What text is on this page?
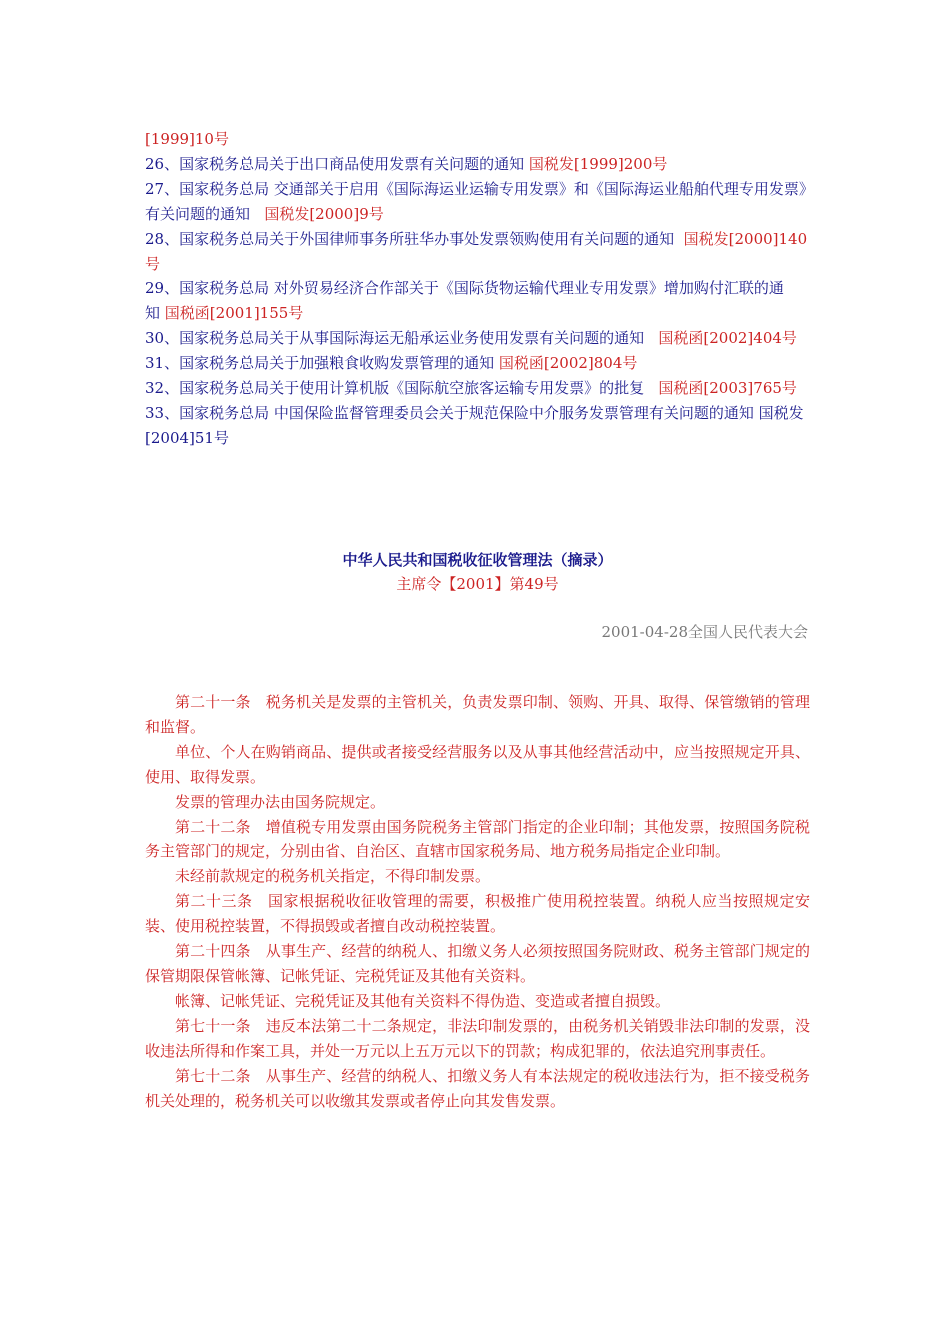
[1999]10号
26、国家税务总局关于出口商品使用发票有关问题的通知 国税发[1999]200号
27、国家税务总局 交通部关于启用《国际海运业运输专用发票》和《国际海运业船舶代理专用发票》有关问题的通知 国税发[2000]9号
28、国家税务总局关于外国律师事务所驻华办事处发票领购使用有关问题的通知 国税发[2000]140号
29、国家税务总局 对外贸易经济合作部关于《国际货物运输代理业专用发票》增加购付汇联的通知 国税函[2001]155号
30、国家税务总局关于从事国际海运无船承运业务使用发票有关问题的通知 国税函[2002]404号
31、国家税务总局关于加强粮食收购发票管理的通知 国税函[2002]804号
32、国家税务总局关于使用计算机版《国际航空旅客运输专用发票》的批复 国税函[2003]765号
33、国家税务总局 中国保险监督管理委员会关于规范保险中介服务发票管理有关问题的通知 国税发[2004]51号
中华人民共和国税收征收管理法（摘录）
主席令【2001】第49号
2001-04-28全国人民代表大会

第二十一条　税务机关是发票的主管机关，负责发票印制、领购、开具、取得、保管缴销的管理和监督。

单位、个人在购销商品、提供或者接受经营服务以及从事其他经营活动中，应当按照规定开具、使用、取得发票。

发票的管理办法由国务院规定。

第二十二条　增值税专用发票由国务院税务主管部门指定的企业印制；其他发票，按照国务院税务主管部门的规定，分别由省、自治区、直辖市国家税务局、地方税务局指定企业印制。

未经前款规定的税务机关指定，不得印制发票。

第二十三条　国家根据税收征收管理的需要，积极推广使用税控装置。纳税人应当按照规定安装、使用税控装置，不得损毁或者擅自改动税控装置。

第二十四条　从事生产、经营的纳税人、扣缴义务人必须按照国务院财政、税务主管部门规定的保管期限保管帐簿、记帐凭证、完税凭证及其他有关资料。

帐簿、记帐凭证、完税凭证及其他有关资料不得伪造、变造或者擅自损毁。

第七十一条　违反本法第二十二条规定，非法印制发票的，由税务机关销毁非法印制的发票，没收违法所得和作案工具，并处一万元以上五万元以下的罚款；构成犯罪的，依法追究刑事责任。

第七十二条　从事生产、经营的纳税人、扣缴义务人有本法规定的税收违法行为，拒不接受税务机关处理的，税务机关可以收缴其发票或者停止向其发售发票。
